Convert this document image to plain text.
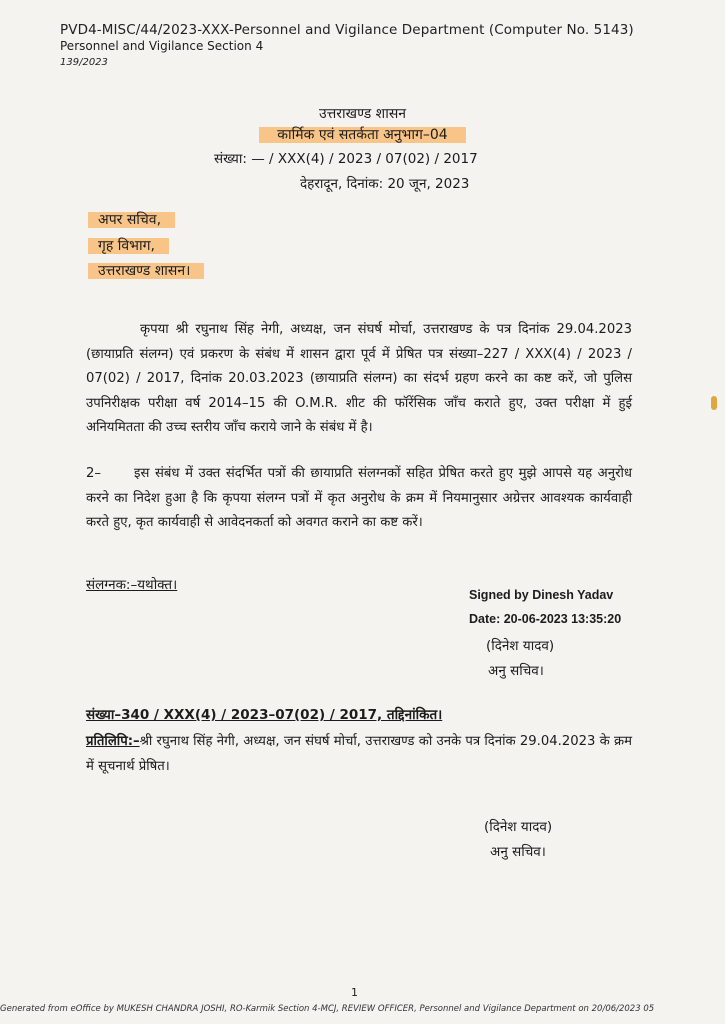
PVD4-MISC/44/2023-XXX-Personnel and Vigilance Department (Computer No. 5143)
Personnel and Vigilance Section 4
139/2023
उत्तराखण्ड शासन
कार्मिक एवं सतर्कता अनुभाग–04
संख्या: — / XXX(4) / 2023 / 07(02) / 2017
देहरादून, दिनांक: 20 जून, 2023
अपर सचिव,
गृह विभाग,
उत्तराखण्ड शासन।
कृपया श्री रघुनाथ सिंह नेगी, अध्यक्ष, जन संघर्ष मोर्चा, उत्तराखण्ड के पत्र दिनांक 29.04.2023 (छायाप्रति संलग्न) एवं प्रकरण के संबंध में शासन द्वारा पूर्व में प्रेषित पत्र संख्या–227 / XXX(4) / 2023 / 07(02) / 2017, दिनांक 20.03.2023 (छायाप्रति संलग्न) का संदर्भ ग्रहण करने का कष्ट करें, जो पुलिस उपनिरीक्षक परीक्षा वर्ष 2014–15 की O.M.R. शीट की फॉरेंसिक जाँच कराते हुए, उक्त परीक्षा में हुई अनियमितता की उच्च स्तरीय जाँच कराये जाने के संबंध में है।
2–	इस संबंध में उक्त संदर्भित पत्रों की छायाप्रति संलग्नकों सहित प्रेषित करते हुए मुझे आपसे यह अनुरोध करने का निदेश हुआ है कि कृपया संलग्न पत्रों में कृत अनुरोध के क्रम में नियमानुसार अग्रेत्तर आवश्यक कार्यवाही करते हुए, कृत कार्यवाही से आवेदनकर्ता को अवगत कराने का कष्ट करें।
संलग्नक:–यथोक्त।
Signed by Dinesh Yadav
Date: 20-06-2023 13:35:20
(दिनेश यादव)
अनु सचिव।
संख्या–340 / XXX(4) / 2023–07(02) / 2017, तद्दिनांकित।
प्रतिलिपि:–श्री रघुनाथ सिंह नेगी, अध्यक्ष, जन संघर्ष मोर्चा, उत्तराखण्ड को उनके पत्र दिनांक 29.04.2023 के क्रम में सूचनार्थ प्रेषित।
(दिनेश यादव)
अनु सचिव।
1
Generated from eOffice by MUKESH CHANDRA JOSHI, RO-Karmik Section 4-MCJ, REVIEW OFFICER, Personnel and Vigilance Department on 20/06/2023 05
